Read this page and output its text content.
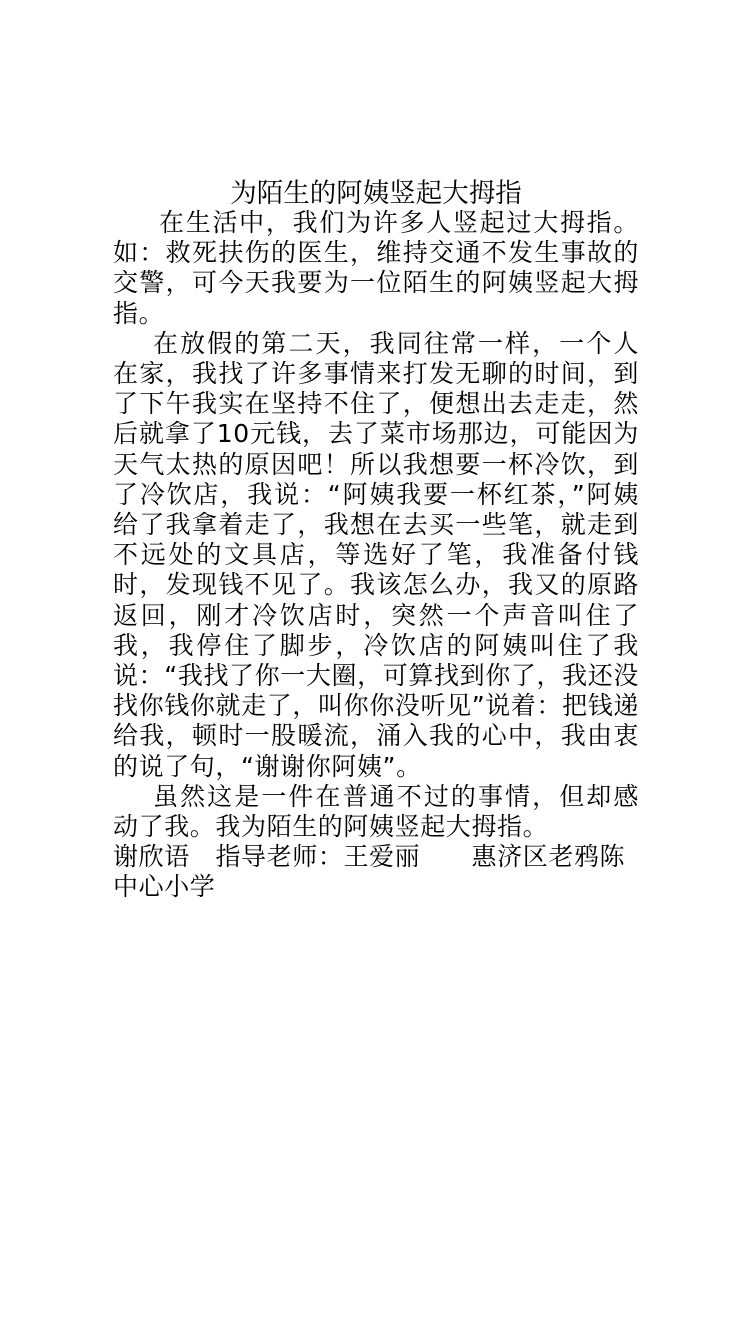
为陌生的阿姨竖起大拇指

在生活中，我们为许多人竖起过大拇指。如：救死扶伤的医生，维持交通不发生事故的交警，可今天我要为一位陌生的阿姨竖起大拇指。

在放假的第二天，我同往常一样，一个人在家，我找了许多事情来打发无聊的时间，到了下午我实在坚持不住了，便想出去走走，然后就拿了10元钱，去了菜市场那边，可能因为天气太热的原因吧！所以我想要一杯冷饮，到了冷饮店，我说：“阿姨我要一杯红茶，”阿姨给了我拿着走了，我想在去买一些笔，就走到不远处的文具店，等选好了笔，我准备付钱时，发现钱不见了。我该怎么办，我又的原路返回，刚才冷饮店时，突然一个声音叫住了我，我停住了脚步，冷饮店的阿姨叫住了我说：“我找了你一大圈，可算找到你了，我还没找你钱你就走了，叫你你没听见”说着：把钱递给我，顿时一股暖流，涌入我的心中，我由衷的说了句，“谢谢你阿姨”。

虽然这是一件在普通不过的事情，但却感动了我。我为陌生的阿姨竖起大拇指。

谢欣语 指导老师：王爱丽 惠济区老鸦陈中心小学
